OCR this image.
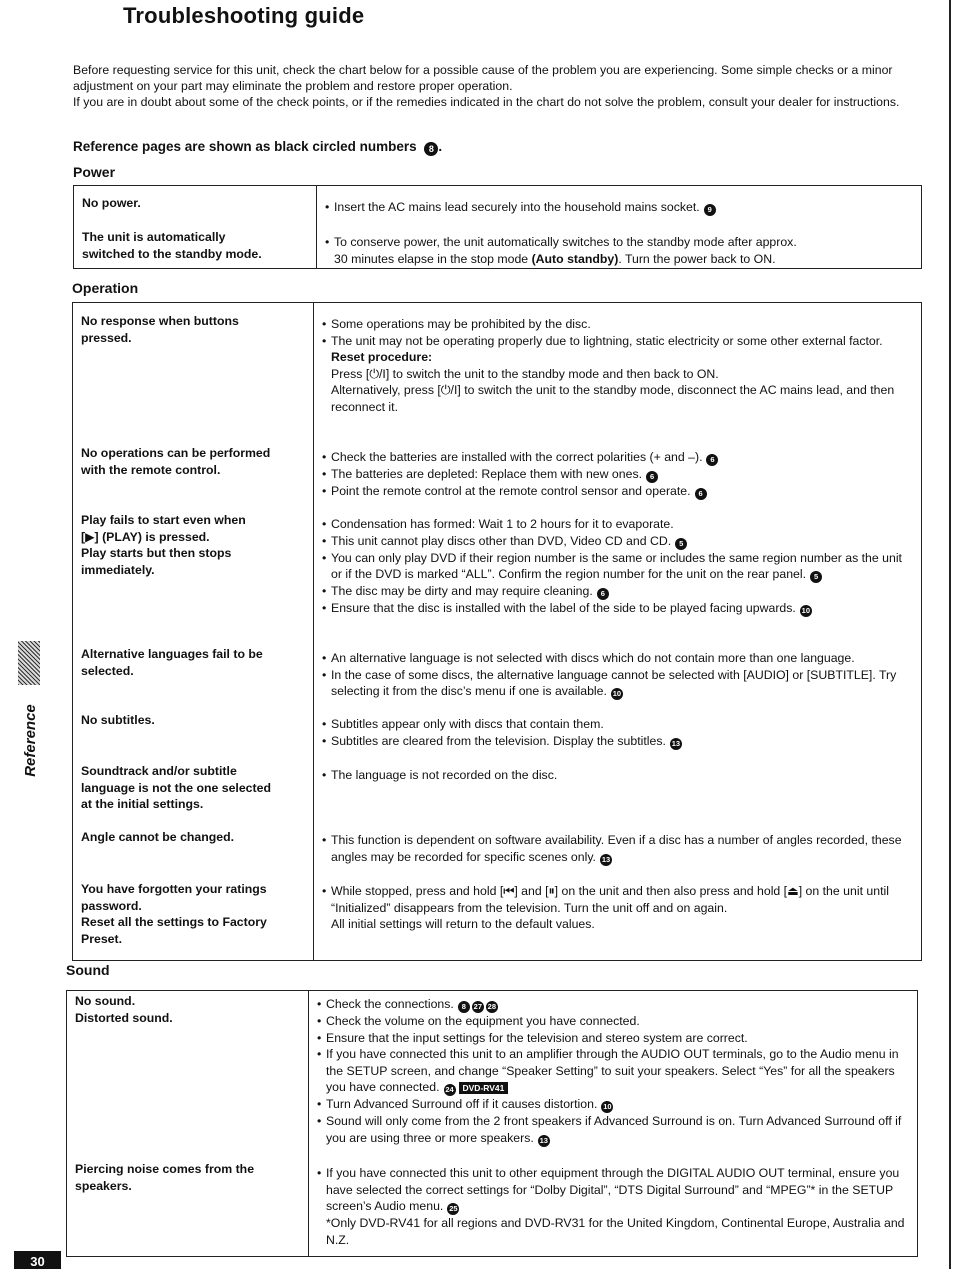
Troubleshooting guide

Before requesting service for this unit, check the chart below for a possible cause of the problem you are experiencing. Some simple checks or a minor adjustment on your part may eliminate the problem and restore proper operation.

If you are in doubt about some of the check points, or if the remedies indicated in the chart do not solve the problem, consult your dealer for instructions.

Reference pages are shown as black circled numbers 8 .

Power
No power.
The unit is automatically
switched to the standby mode.
• Insert the AC mains lead securely into the household mains socket. 9
• To conserve power, the unit automatically switches to the standby mode after approx.
30 minutes elapse in the stop mode (Auto standby). Turn the power back to ON.
Operation
No response when buttons
pressed.
No operations can be performed
with the remote control.
Play fails to start even when
[▶] (PLAY) is pressed.
Play starts but then stops
immediately.
Alternative languages fail to be
selected.
No subtitles.
Soundtrack and/or subtitle
language is not the one selected
at the initial settings.
Angle cannot be changed.
You have forgotten your ratings
password.
Reset all the settings to Factory
Preset.
• Some operations may be prohibited by the disc.
• The unit may not be operating properly due to lightning, static electricity or some other external factor.
Reset procedure:
Press [⏻/I] to switch the unit to the standby mode and then back to ON.
Alternatively, press [⏻/I] to switch the unit to the standby mode, disconnect the AC mains lead, and then reconnect it.
• Check the batteries are installed with the correct polarities (+ and –). 6
• The batteries are depleted: Replace them with new ones. 6
• Point the remote control at the remote control sensor and operate. 6
• Condensation has formed: Wait 1 to 2 hours for it to evaporate.
• This unit cannot play discs other than DVD, Video CD and CD. 5
• You can only play DVD if their region number is the same or includes the same region number as the unit or if the DVD is marked “ALL”. Confirm the region number for the unit on the rear panel. 5
• The disc may be dirty and may require cleaning. 6
• Ensure that the disc is installed with the label of the side to be played facing upwards. 10
• An alternative language is not selected with discs which do not contain more than one language.
• In the case of some discs, the alternative language cannot be selected with [AUDIO] or [SUBTITLE]. Try selecting it from the disc’s menu if one is available. 10
• Subtitles appear only with discs that contain them.
• Subtitles are cleared from the television. Display the subtitles. 13
• The language is not recorded on the disc.
• This function is dependent on software availability. Even if a disc has a number of angles recorded, these angles may be recorded for specific scenes only. 13
• While stopped, press and hold [⏮] and [⏸] on the unit and then also press and hold [⏏] on the unit until “Initialized” disappears from the television. Turn the unit off and on again.
All initial settings will return to the default values.
Sound
No sound.
Distorted sound.
Piercing noise comes from the
speakers.
• Check the connections. 8 27 28
• Check the volume on the equipment you have connected.
• Ensure that the input settings for the television and stereo system are correct.
• If you have connected this unit to an amplifier through the AUDIO OUT terminals, go to the Audio menu in the SETUP screen, and change “Speaker Setting” to suit your speakers. Select “Yes” for all the speakers you have connected. 24 DVD-RV41
• Turn Advanced Surround off if it causes distortion. 10
• Sound will only come from the 2 front speakers if Advanced Surround is on. Turn Advanced Surround off if you are using three or more speakers. 13
• If you have connected this unit to other equipment through the DIGITAL AUDIO OUT terminal, ensure you have selected the correct settings for “Dolby Digital”, “DTS Digital Surround” and “MPEG”* in the SETUP screen’s Audio menu. 25
*Only DVD-RV41 for all regions and DVD-RV31 for the United Kingdom, Continental Europe, Australia and N.Z.
Reference
30
